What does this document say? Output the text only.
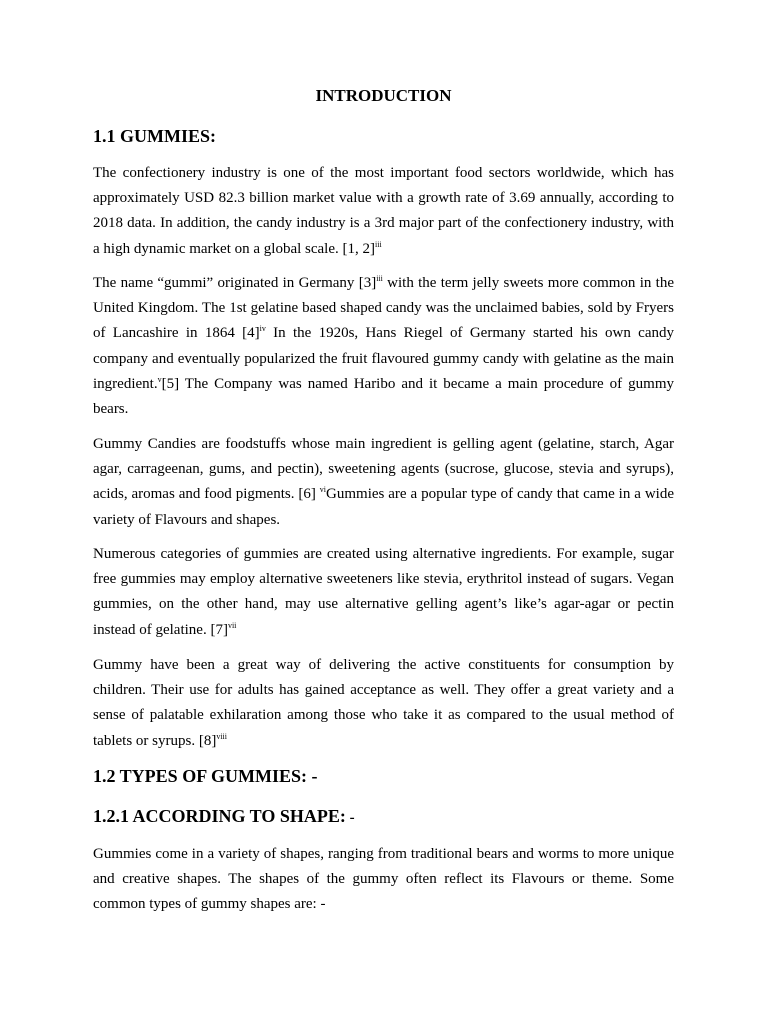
INTRODUCTION
1.1 GUMMIES:

The confectionery industry is one of the most important food sectors worldwide, which has approximately USD 82.3 billion market value with a growth rate of 3.69 annually, according to 2018 data. In addition, the candy industry is a 3rd major part of the confectionery industry, with a high dynamic market on a global scale. [1, 2]$^{iii}$

The name “gummi” originated in Germany $[3]^{iii}$ with the term jelly sweets more common in the United Kingdom. The 1st gelatine based shaped candy was the unclaimed babies, sold by Fryers of Lancashire in 1864 $[4]^{iv}$ In the 1920s, Hans Riegel of Germany started his own candy company and eventually popularized the fruit flavoured gummy candy with gelatine as the main ingredient.$^v$[5] The Company was named Haribo and it became a main procedure of gummy bears.

Gummy Candies are foodstuffs whose main ingredient is gelling agent (gelatine, starch, Agar agar, carrageenan, gums, and pectin), sweetening agents (sucrose, glucose, stevia and syrups), acids, aromas and food pigments. [6] $^{vi}$Gummies are a popular type of candy that came in a wide variety of Flavours and shapes.

Numerous categories of gummies are created using alternative ingredients. For example, sugar free gummies may employ alternative sweeteners like stevia, erythritol instead of sugars. Vegan gummies, on the other hand, may use alternative gelling agent’s like’s agar-agar or pectin instead of gelatine. $[7]^{vii}$

Gummy have been a great way of delivering the active constituents for consumption by children. Their use for adults has gained acceptance as well. They offer a great variety and a sense of palatable exhilaration among those who take it as compared to the usual method of tablets or syrups. $[8]^{viii}$

1.2 TYPES OF GUMMIES: -
1.2.1 ACCORDING TO SHAPE: -

Gummies come in a variety of shapes, ranging from traditional bears and worms to more unique and creative shapes. The shapes of the gummy often reflect its Flavours or theme. Some common types of gummy shapes are: -
